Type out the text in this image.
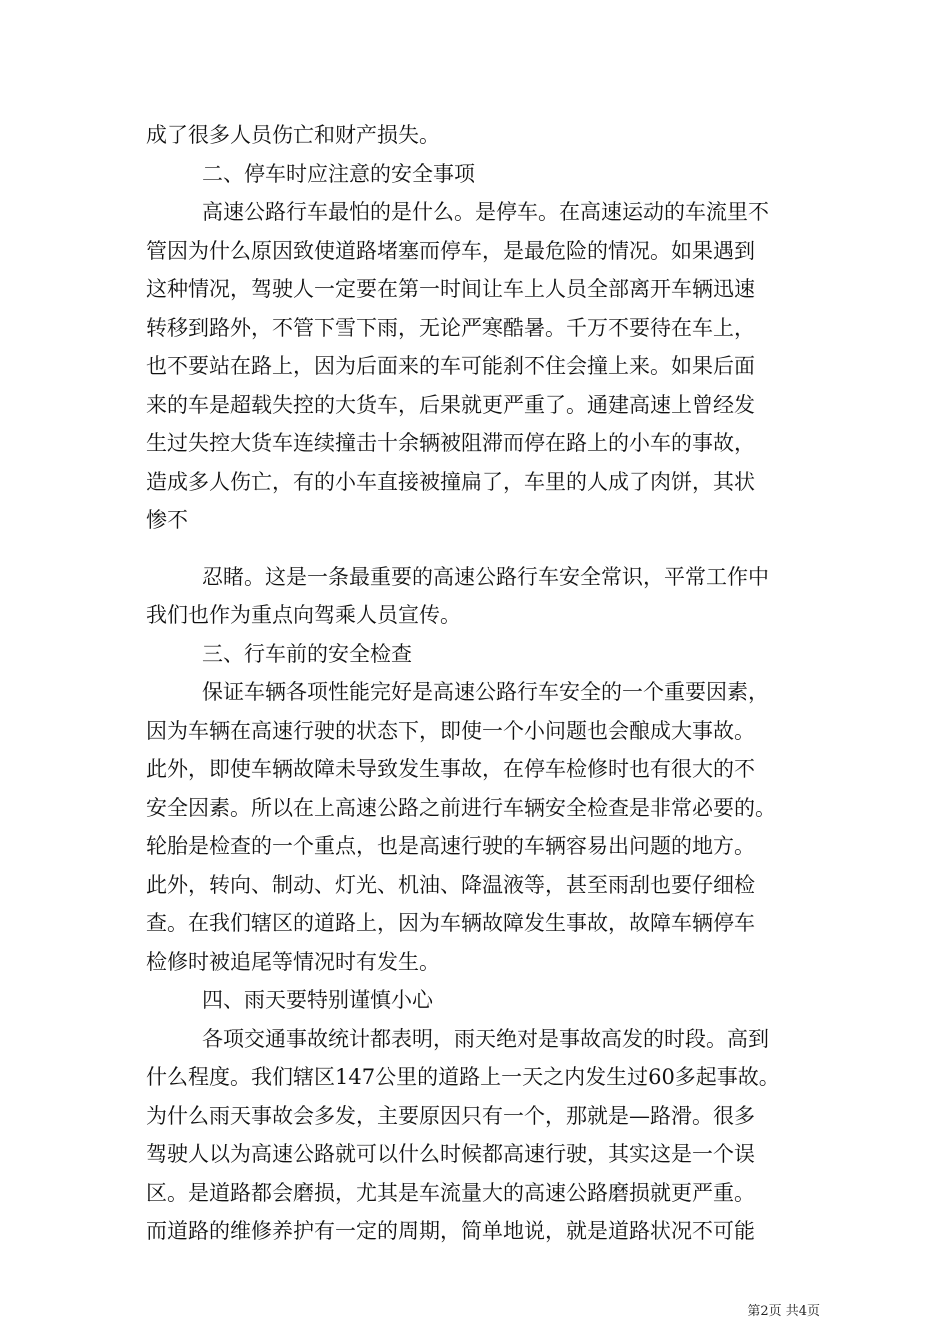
成了很多人员伤亡和财产损失。
二、停车时应注意的安全事项
高速公路行车最怕的是什么。是停车。在高速运动的车流里不
管因为什么原因致使道路堵塞而停车，是最危险的情况。如果遇到
这种情况，驾驶人一定要在第一时间让车上人员全部离开车辆迅速
转移到路外，不管下雪下雨，无论严寒酷暑。千万不要待在车上，
也不要站在路上，因为后面来的车可能刹不住会撞上来。如果后面
来的车是超载失控的大货车，后果就更严重了。通建高速上曾经发
生过失控大货车连续撞击十余辆被阻滞而停在路上的小车的事故，
造成多人伤亡，有的小车直接被撞扁了，车里的人成了肉饼，其状
惨不
忍睹。这是一条最重要的高速公路行车安全常识，平常工作中
我们也作为重点向驾乘人员宣传。
三、行车前的安全检查
保证车辆各项性能完好是高速公路行车安全的一个重要因素，
因为车辆在高速行驶的状态下，即使一个小问题也会酿成大事故。
此外，即使车辆故障未导致发生事故，在停车检修时也有很大的不
安全因素。所以在上高速公路之前进行车辆安全检查是非常必要的。
轮胎是检查的一个重点，也是高速行驶的车辆容易出问题的地方。
此外，转向、制动、灯光、机油、降温液等，甚至雨刮也要仔细检
查。在我们辖区的道路上，因为车辆故障发生事故，故障车辆停车
检修时被追尾等情况时有发生。
四、雨天要特别谨慎小心
各项交通事故统计都表明，雨天绝对是事故高发的时段。高到
什么程度。我们辖区147公里的道路上一天之内发生过60多起事故。
为什么雨天事故会多发，主要原因只有一个，那就是—路滑。很多
驾驶人以为高速公路就可以什么时候都高速行驶，其实这是一个误
区。是道路都会磨损，尤其是车流量大的高速公路磨损就更严重。
而道路的维修养护有一定的周期，简单地说，就是道路状况不可能
第2页 共4页
